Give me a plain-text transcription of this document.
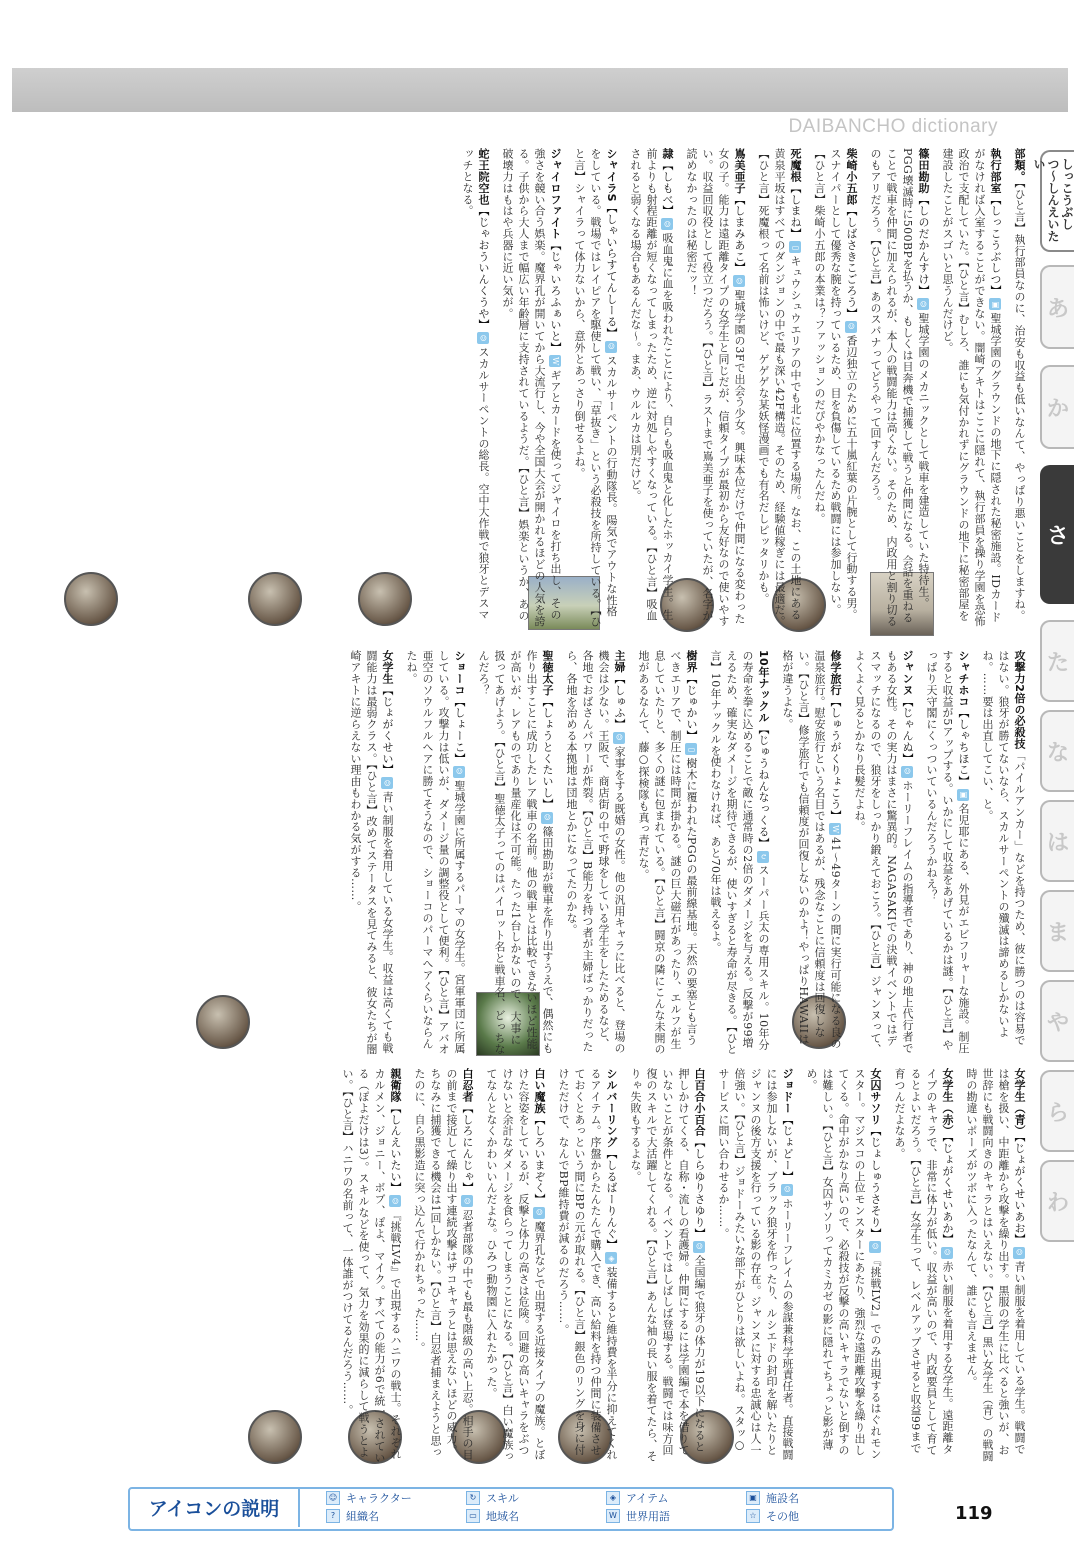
DAIBANCHO dictionary
しっこうぶしつ〜しんえいたい
あ
か
さ
た
な
は
ま
や
ら
わ
部類。【ひと言】執行部員なのに、治安も収益も低いなんて、やっぱり悪いことをしますね。
執行部室【しっこうぶしつ】▣聖城学園のグラウンドの地下に隠された秘密施設。IDカードがなければ入室することができない。闇崎アキトはここに隠れて、執行部員を操り学園を恐怖政治で支配していた。【ひと言】むしろ、誰にも気付かれずにグラウンドの地下に秘密部屋を建設したことがスゴいと思うんだけど。
篠田勘助【しのだかんすけ】☺聖城学園のメカニックとして戦車を建造していた特待生。PGG壊滅時に500BPを払うか、もしくは目奔機で捕獲して戦うと仲間になる。会話を重ねることで戦車を仲間に加えられるが、本人の戦闘能力は高くない。そのため、内政用と割り切るのもアリだろう。【ひと言】あのスパナってどうやって回すんだろう。
柴崎小五郎【しばさきこごろう】☺香辺独立のために五十嵐紅葉の片腕として行動する男。スナイパーとして優秀な腕を持っているため、目を負傷しているため戦闘には参加しない。【ひと言】柴崎小五郎の本業は？ファッションのだぴやかなったんだね。
死魔根【しまね】▭キュウシュウエリアの中でも北に位置する場所。なお、この土地にある黄泉平坂はすべてのダンジョンの中で最も深い42F構造。そのため、経験値稼ぎには最適だ。【ひと言】死魔根って名前は怖いけど、ゲゲゲな某妖怪漫画でも有名だしピッタリかも。
嶌美亜子【しまみあこ】☺聖城学園の3Fで出会う少女。興味本位だけで仲間になる変わった女の子。能力は遠距離タイプの女学生と同じだが、信頼タイプが最初から友好なので使いやすい。収益回収役として役立つだろう。【ひと言】ラストまで嶌美亜子を使っていたが、名字が読めなかったのは秘密だッ！
隷【しもべ】☺吸血鬼に血を吸われたことにより、自らも吸血鬼と化したホッカイ学生。生前よりも射程距離が短くなってしまったため、逆に対処しやすくなっている。【ひと言】吸血されると弱くなる場合もあるんだな〜。まあ、ウルルカは別だけど。
シャイラS【しゃいらすてんしーる】☺スカルサーペントの行動隊長。陽気でアウトな性格をしている。戦場ではレイピアを駆使して戦い、「草抜き」という必殺技を所持している。【ひと言】シャイラって体力ないから、意外とあっさり倒せるよね。
ジャイロファイト【じゃいろふぁいと】Wギアとカードを使ってジャイロを打ち出し、その強さを競い合う娯楽。魔界孔が開いてから大流行し、今や全国大会が開かれるほどの人気を誇る。子供から大人まで幅広い年齢層に支持されているようだ。【ひと言】娯楽というか、あの破壊力はもはや兵器に近い気が。
蛇王院空也【じゃおういんくうや】☺スカルサーペントの総長。空中大作戦で狼牙とデスマッチとなる。
攻撃力2倍の必殺技「パイルアンカー」などを持つため、彼に勝つのは容易ではない。狼牙が勝てないなら、スカルサーペントの殲滅は諦めるしかないよね。……要は出直してこい、と。
シャチホコ【しゃちほこ】▣名児耶にある、外見がエビフリャーな施設。制圧すると収益が5アップする。いかにして収益をあげているかは謎。【ひと言】やっぱり天守閣にくっついているんだろうかねえ？
ジャンヌ【じゃんぬ】☺ホーリーフレイムの指導者であり、神の地上代行者でもある女性。その実力はまさに驚異的。NAGASAKIでの決戦イベントではデスマッチになるので、狼牙をしっかり鍛えておこう。【ひと言】ジャンヌって、よくよく見るとかなり長髪だよね。
修学旅行【しゅうがくりょこう】W41〜49ターンの間に実行可能になる良の温泉旅行。慰安旅行という名目ではあるが、残念なことに信頼度は回復しない。【ひと言】修学旅行でも信頼度が回復しないのかよ！やっぱりHAWAIIは格が違うよな。
10年ナックル【じゅうねんなっくる】↻スーパー兵太の専用スキル。10年分の寿命を拳に込めることで敵に通常時の2倍のダメージを与える。反撃が99増えるため、確実なダメージを期待できるが、使いすぎると寿命が尽きる。【ひと言】10年ナックルを使わなければ、あと70年は戦えるよ。
樹界【じゅかい】▭樹木に覆われたPGGの最前線基地。天然の要塞とも言うべきエリアで、制圧には時間が掛かる。謎の巨大磁石があったり、エルフが生息していたりと、多くの謎に包まれている。【ひと言】闘京の隣にこんな未開の地があるなんて、藤○探検隊も真っ青だな。
主婦【しゅふ】☺家事をする既婚の女性。他の汎用キャラに比べると、登場の機会は少ない。王阪で、商店街の中で野球をしている学生をしたためるなど、各地でおばさんパワーが炸裂。【ひと言】B能力を持つ者が主婦ばっかりだったら、各地を治める本拠地は団地とかになってたのかな。
聖徳太子【しょうとくたいし】☺篠田勘助が戦車を作り出すうえで、偶然にも作り出すことに成功したレア戦車の名前。他の戦車とは比較できないほど性能が高いが、レアものであり量産化は不可能。たった1台しかないので、大事に扱ってあげよう。【ひと言】聖徳太子ってのはパイロット名と戦車名、どっちなんだろ？
ショーコ【しょーこ】☺聖城学園に所属するパーマの女学生。宮軍軍団に所属している。攻撃力は低いが、ダメージ量の調整役として便利。【ひと言】アバオ亜空のソウルフルへアに勝てそうなので、ショーコのパーマへアくらいならんたね。
女学生【じょがくせい】☺青い制服を着用している女学生。収益は高くても戦闘能力は最弱クラス。【ひと言】改めてステータスを見てみると、彼女たちが闇崎アキトに逆らえない理由もわかる気がする……。
女学生（青）【じょがくせいあお】☺青い制服を着用している学生。戦闘では槍を扱い、中距離から攻撃を繰り出す。黒服の学生に比べると強いが、お世辞にも戦闘向きのキャラとはいえない。【ひと言】黒い女学生（青）の戦闘時の勘違いポーズがツボに入ったなんて、誰にも言えません。
女学生（赤）【じょがくせいあか】☺赤い制服を着用する女学生。遠距離タイプのキャラで、非常に体力が低い。収益が高いので、内政要員として育てるとよいだろう。【ひと言】女学生って、レベルアップさせると収益99まで育つんだよなあ。
女囚サソリ【じょしゅうさそり】☺『挑戦LV2』でのみ出現するはぐれモンスター。マジスコの上位モンスターにあたり、強烈な遠距離攻撃を繰り出してくる。命中がかなり高いので、必殺技が反撃の高いキャラでないと倒すのは難しい。【ひと言】女囚サソリってカミカゼの影に隠れてちょっと影が薄め。
ジョドー【じょどー】☺ホーリーフレイムの参謀兼科学班責任者。直接戦闘には参加しないが、ブラック狼牙を作ったり、ルシエドの封印を解いたりとジャンヌの後方支援を行っている影の存在。ジャンヌに対する忠誠心は人一倍強い。【ひと言】ジョドーみたいな部下がひとりは欲しいよね。スタッ○サービスに問い合わせるか……。
白百合小百合【しらゆりさゆり】☺全国編で狼牙の体力が19以下になると押しかけてくる、自称・流しの看護婦。仲間にするには学園編で本を借りていないことが条件となる。イベントではしばしば登場する。戦闘では味方回復のスキルで大活躍してくれる。【ひと言】あんな袖の長い服を着てたら、そりゃ失敗もするよな。
シルバーリング【しるばーりんぐ】◈装備すると維持費を半分に抑えてくれるアイテム。序盤からたんたんで購入でき、高い給料を持つ仲間に装備させておくとあっという間にBPの元が取れる。【ひと言】銀色のリングを身に付けただけで、なんでBP維持費が減るのだろう……。
白い魔族【しろいまぞく】☺魔界孔などで出現する近接タイプの魔族。とぼけた容姿をしているが、反撃と体力の高さは危険。回避の高いキャラをぶつけないと余計なダメージを食らってしまうことになる。【ひと言】白い魔族ってなんとなくかわいいんだよな。ひみつ動物園に入れたかった。
白忍者【しろにんじゃ】☺忍者部隊の中でも最も階級の高い上忍。相手の目の前まで接近して繰り出す連続攻撃はザコキャラとは思えないほどの威力。ちなみに捕獲できる機会は1回しかない。【ひと言】白忍者捕まえようと思ったのに、自ら黒影造に突っ込んで行かれちゃった……。
親衛隊【しんえいたい】☺『挑戦LV4』で出現するハニワの戦士。それぞれカルメン、ジョニー、ボブ、ぽよ、マイク。すべての能力が6で統一されている（ぽよだけは3）。スキルなどを使って、気力を効果的に減らして戦うとよい。【ひと言】ハニワの名前って、一体誰がつけてるんだろう……。
アイコンの説明	☺ キャラクター	↻ スキル	◈ アイテム	▣ 施設名
? 組織名	▭ 地域名	W 世界用語	☆ その他	119
